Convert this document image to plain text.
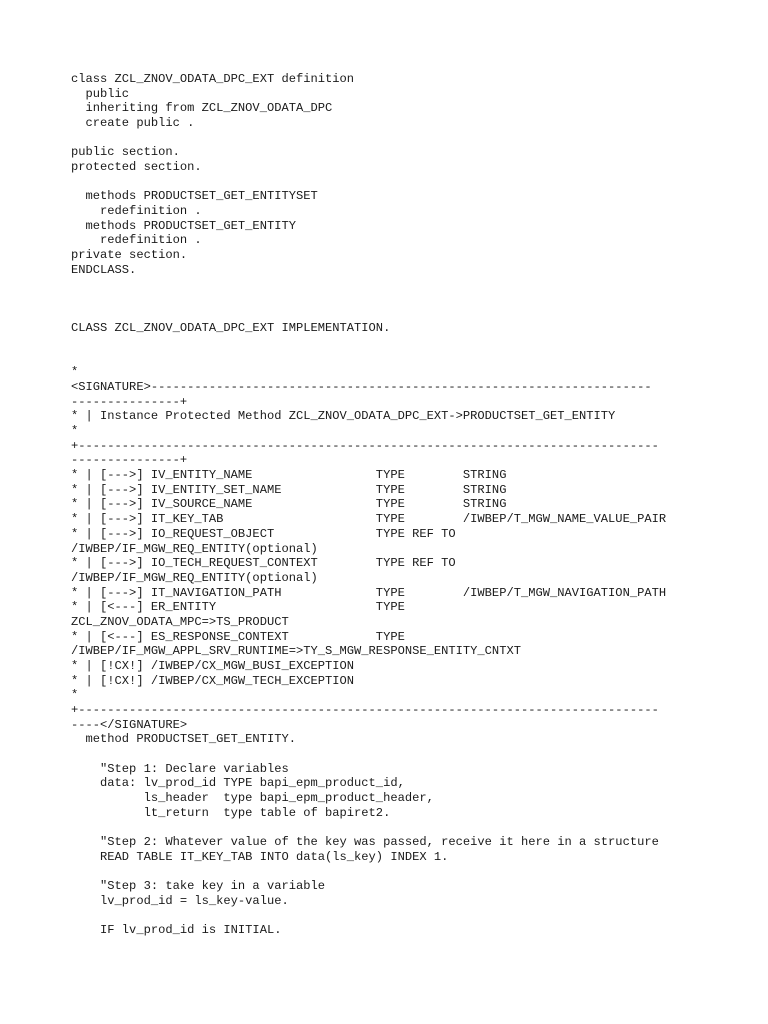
class ZCL_ZNOV_ODATA_DPC_EXT definition
public
inheriting from ZCL_ZNOV_ODATA_DPC
create public .
public section.
protected section.
methods PRODUCTSET_GET_ENTITYSET
redefinition .
methods PRODUCTSET_GET_ENTITY
redefinition .
private section.
ENDCLASS.
CLASS ZCL_ZNOV_ODATA_DPC_EXT IMPLEMENTATION.
*
<SIGNATURE>---------------------------------------------------------------------
---------------+
* | Instance Protected Method ZCL_ZNOV_ODATA_DPC_EXT->PRODUCTSET_GET_ENTITY
*
+--------------------------------------------------------------------------------
---------------+
* | [--->] IV_ENTITY_NAME                 TYPE        STRING
* | [--->] IV_ENTITY_SET_NAME             TYPE        STRING
* | [--->] IV_SOURCE_NAME                 TYPE        STRING
* | [--->] IT_KEY_TAB                     TYPE        /IWBEP/T_MGW_NAME_VALUE_PAIR
* | [--->] IO_REQUEST_OBJECT              TYPE REF TO
/IWBEP/IF_MGW_REQ_ENTITY(optional)
* | [--->] IO_TECH_REQUEST_CONTEXT        TYPE REF TO
/IWBEP/IF_MGW_REQ_ENTITY(optional)
* | [--->] IT_NAVIGATION_PATH             TYPE        /IWBEP/T_MGW_NAVIGATION_PATH
* | [<---] ER_ENTITY                      TYPE
ZCL_ZNOV_ODATA_MPC=>TS_PRODUCT
* | [<---] ES_RESPONSE_CONTEXT            TYPE
/IWBEP/IF_MGW_APPL_SRV_RUNTIME=>TY_S_MGW_RESPONSE_ENTITY_CNTXT
* | [!CX!] /IWBEP/CX_MGW_BUSI_EXCEPTION
* | [!CX!] /IWBEP/CX_MGW_TECH_EXCEPTION
*
+--------------------------------------------------------------------------------
----</SIGNATURE>
method PRODUCTSET_GET_ENTITY.
"Step 1: Declare variables
data: lv_prod_id TYPE bapi_epm_product_id,
ls_header  type bapi_epm_product_header,
lt_return  type table of bapiret2.
"Step 2: Whatever value of the key was passed, receive it here in a structure
READ TABLE IT_KEY_TAB INTO data(ls_key) INDEX 1.
"Step 3: take key in a variable
lv_prod_id = ls_key-value.
IF lv_prod_id is INITIAL.
